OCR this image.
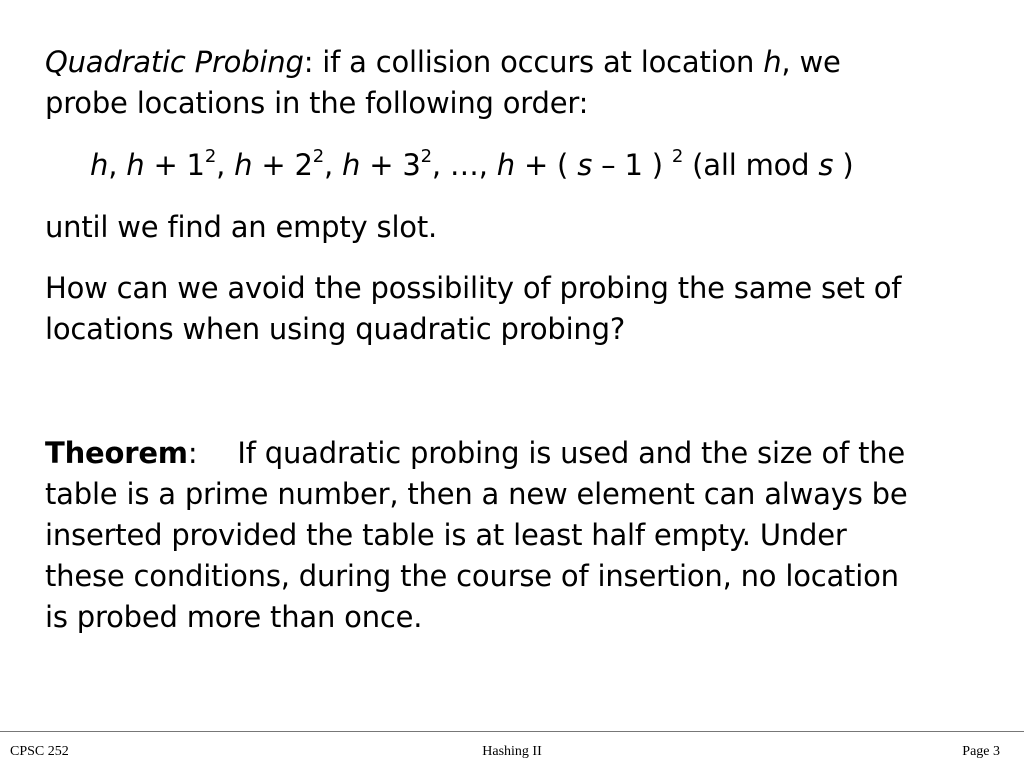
Quadratic Probing: if a collision occurs at location h, we
probe locations in the following order:
h, $h + 1^2$, $h + 2^2$, $h + 3^2$, …, h + ( s – 1 ) $^2$ (all mod s )
until we find an empty slot.
How can we avoid the possibility of probing the same set of
locations when using quadratic probing?
Theorem: If quadratic probing is used and the size of the
table is a prime number, then a new element can always be
inserted provided the table is at least half empty. Under
these conditions, during the course of insertion, no location
is probed more than once.
CPSC 252	Hashing II	Page 3
